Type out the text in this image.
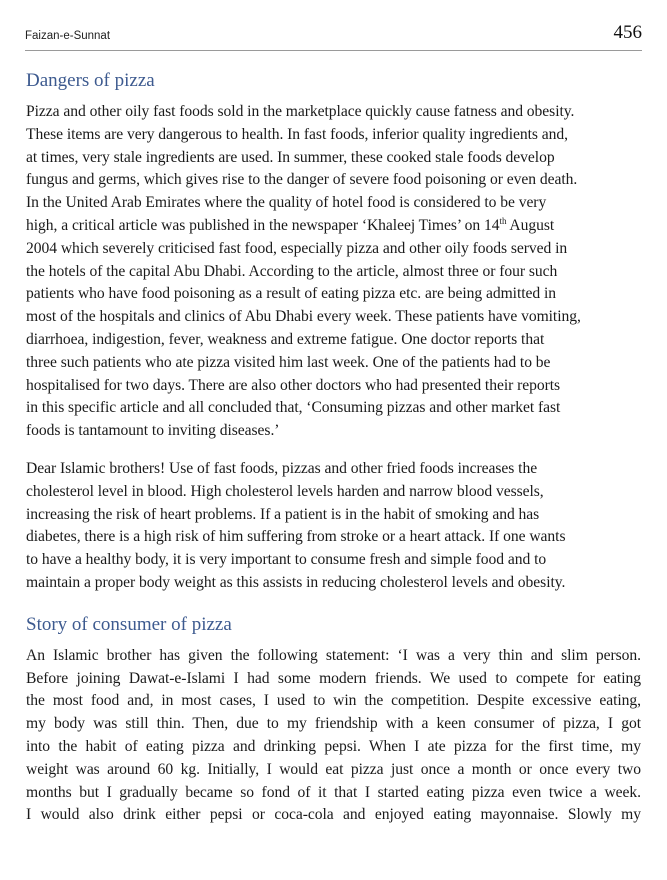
Faizan-e-Sunnat	456
Dangers of pizza

Pizza and other oily fast foods sold in the marketplace quickly cause fatness and obesity.
These items are very dangerous to health. In fast foods, inferior quality ingredients and,
at times, very stale ingredients are used. In summer, these cooked stale foods develop
fungus and germs, which gives rise to the danger of severe food poisoning or even death.
In the United Arab Emirates where the quality of hotel food is considered to be very
high, a critical article was published in the newspaper ‘Khaleej Times’ on 14th August
2004 which severely criticised fast food, especially pizza and other oily foods served in
the hotels of the capital Abu Dhabi. According to the article, almost three or four such
patients who have food poisoning as a result of eating pizza etc. are being admitted in
most of the hospitals and clinics of Abu Dhabi every week. These patients have vomiting,
diarrhoea, indigestion, fever, weakness and extreme fatigue. One doctor reports that
three such patients who ate pizza visited him last week. One of the patients had to be
hospitalised for two days. There are also other doctors who had presented their reports
in this specific article and all concluded that, ‘Consuming pizzas and other market fast
foods is tantamount to inviting diseases.’

Dear Islamic brothers! Use of fast foods, pizzas and other fried foods increases the
cholesterol level in blood. High cholesterol levels harden and narrow blood vessels,
increasing the risk of heart problems. If a patient is in the habit of smoking and has
diabetes, there is a high risk of him suffering from stroke or a heart attack. If one wants
to have a healthy body, it is very important to consume fresh and simple food and to
maintain a proper body weight as this assists in reducing cholesterol levels and obesity.

Story of consumer of pizza

An Islamic brother has given the following statement: ‘I was a very thin and slim person.
Before joining Dawat-e-Islami I had some modern friends. We used to compete for eating
the most food and, in most cases, I used to win the competition. Despite excessive eating,
my body was still thin. Then, due to my friendship with a keen consumer of pizza, I got
into the habit of eating pizza and drinking pepsi. When I ate pizza for the first time, my
weight was around 60 kg. Initially, I would eat pizza just once a month or once every two
months but I gradually became so fond of it that I started eating pizza even twice a week.
I would also drink either pepsi or coca-cola and enjoyed eating mayonnaise. Slowly my
